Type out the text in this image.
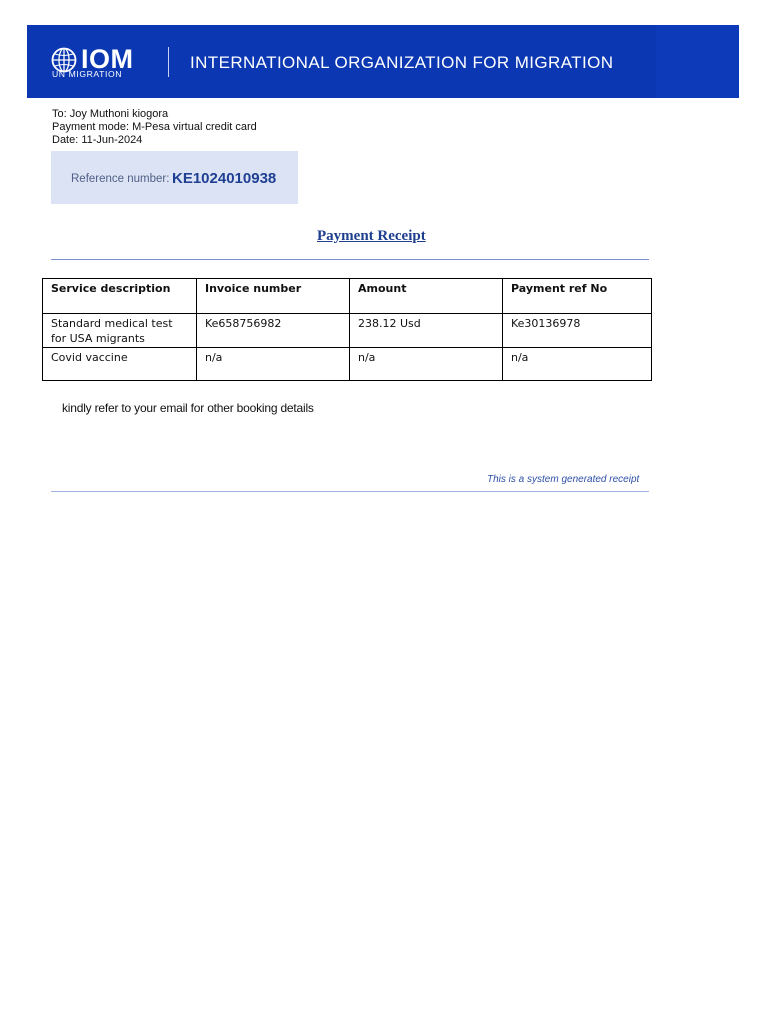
IOM
UN MIGRATION
INTERNATIONAL ORGANIZATION FOR MIGRATION
To: Joy Muthoni kiogora
Payment mode: M-Pesa virtual credit card
Date: 11-Jun-2024
Reference number: KE1024010938
Payment Receipt
Service description	Invoice number	Amount	Payment ref No
Standard medical test for USA migrants	Ke658756982	238.12 Usd	Ke30136978
Covid vaccine	n/a	n/a	n/a
kindly refer to your email for other booking details
This is a system generated receipt
